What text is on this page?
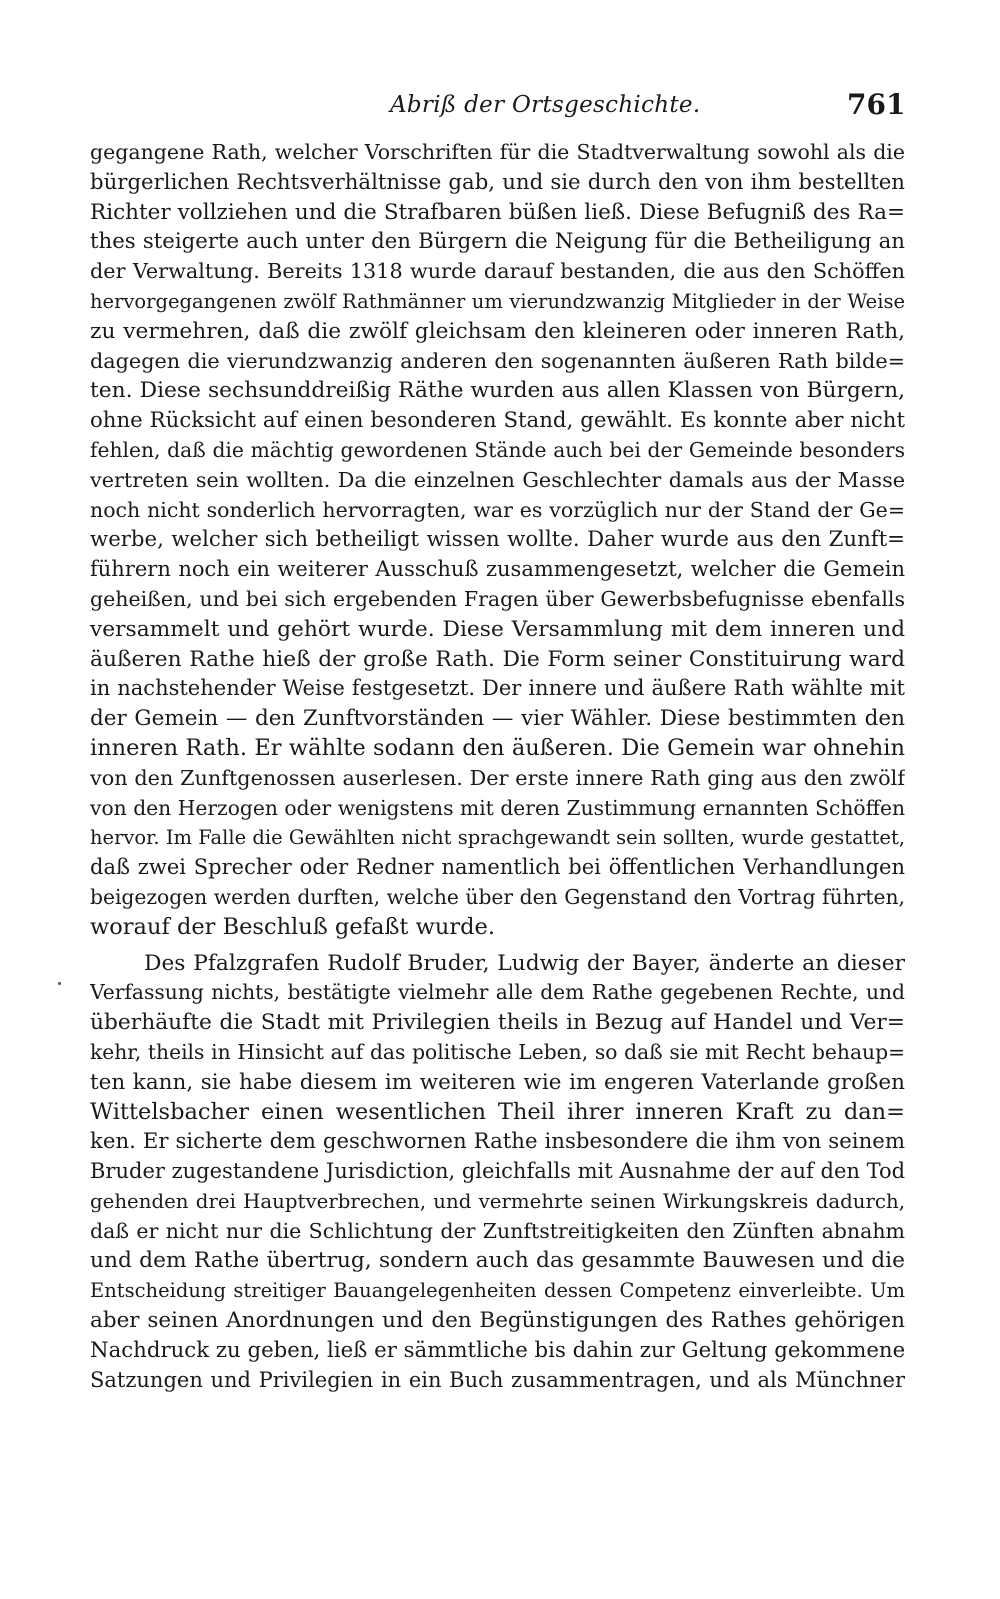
Abriß der Ortsgeschichte.	761
gegangene Rath, welcher Vorschriften für die Stadtverwaltung sowohl als die
bürgerlichen Rechtsverhältnisse gab, und sie durch den von ihm bestellten
Richter vollziehen und die Strafbaren büßen ließ. Diese Befugniß des Ra=
thes steigerte auch unter den Bürgern die Neigung für die Betheiligung an
der Verwaltung. Bereits 1318 wurde darauf bestanden, die aus den Schöffen
hervorgegangenen zwölf Rathmänner um vierundzwanzig Mitglieder in der Weise
zu vermehren, daß die zwölf gleichsam den kleineren oder inneren Rath,
dagegen die vierundzwanzig anderen den sogenannten äußeren Rath bilde=
ten. Diese sechsunddreißig Räthe wurden aus allen Klassen von Bürgern,
ohne Rücksicht auf einen besonderen Stand, gewählt. Es konnte aber nicht
fehlen, daß die mächtig gewordenen Stände auch bei der Gemeinde besonders
vertreten sein wollten. Da die einzelnen Geschlechter damals aus der Masse
noch nicht sonderlich hervorragten, war es vorzüglich nur der Stand der Ge=
werbe, welcher sich betheiligt wissen wollte. Daher wurde aus den Zunft=
führern noch ein weiterer Ausschuß zusammengesetzt, welcher die Gemein
geheißen, und bei sich ergebenden Fragen über Gewerbsbefugnisse ebenfalls
versammelt und gehört wurde. Diese Versammlung mit dem inneren und
äußeren Rathe hieß der große Rath. Die Form seiner Constituirung ward
in nachstehender Weise festgesetzt. Der innere und äußere Rath wählte mit
der Gemein — den Zunftvorständen — vier Wähler. Diese bestimmten den
inneren Rath. Er wählte sodann den äußeren. Die Gemein war ohnehin
von den Zunftgenossen auserlesen. Der erste innere Rath ging aus den zwölf
von den Herzogen oder wenigstens mit deren Zustimmung ernannten Schöffen
hervor. Im Falle die Gewählten nicht sprachgewandt sein sollten, wurde gestattet,
daß zwei Sprecher oder Redner namentlich bei öffentlichen Verhandlungen
beigezogen werden durften, welche über den Gegenstand den Vortrag führten,
worauf der Beschluß gefaßt wurde.
Des Pfalzgrafen Rudolf Bruder, Ludwig der Bayer, änderte an dieser
Verfassung nichts, bestätigte vielmehr alle dem Rathe gegebenen Rechte, und
überhäufte die Stadt mit Privilegien theils in Bezug auf Handel und Ver=
kehr, theils in Hinsicht auf das politische Leben, so daß sie mit Recht behaup=
ten kann, sie habe diesem im weiteren wie im engeren Vaterlande großen
Wittelsbacher einen wesentlichen Theil ihrer inneren Kraft zu dan=
ken. Er sicherte dem geschwornen Rathe insbesondere die ihm von seinem
Bruder zugestandene Jurisdiction, gleichfalls mit Ausnahme der auf den Tod
gehenden drei Hauptverbrechen, und vermehrte seinen Wirkungskreis dadurch,
daß er nicht nur die Schlichtung der Zunftstreitigkeiten den Zünften abnahm
und dem Rathe übertrug, sondern auch das gesammte Bauwesen und die
Entscheidung streitiger Bauangelegenheiten dessen Competenz einverleibte. Um
aber seinen Anordnungen und den Begünstigungen des Rathes gehörigen
Nachdruck zu geben, ließ er sämmtliche bis dahin zur Geltung gekommene
Satzungen und Privilegien in ein Buch zusammentragen, und als Münchner
